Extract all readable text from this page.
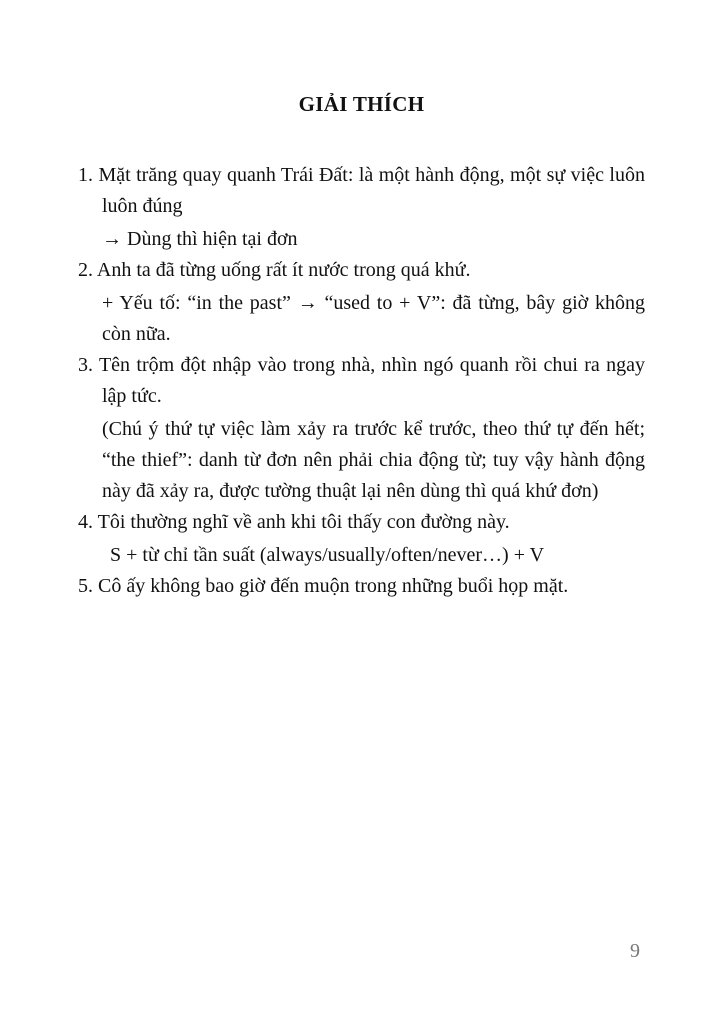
GIẢI THÍCH

1. Mặt trăng quay quanh Trái Đất: là một hành động, một sự việc luôn luôn đúng

→ Dùng thì hiện tại đơn

2. Anh ta đã từng uống rất ít nước trong quá khứ.

+ Yếu tố: “in the past” → “used to + V”: đã từng, bây giờ không còn nữa.

3. Tên trộm đột nhập vào trong nhà, nhìn ngó quanh rồi chui ra ngay lập tức.

(Chú ý thứ tự việc làm xảy ra trước kể trước, theo thứ tự đến hết; “the thief”: danh từ đơn nên phải chia động từ; tuy vậy hành động này đã xảy ra, được tường thuật lại nên dùng thì quá khứ đơn)

4. Tôi thường nghĩ về anh khi tôi thấy con đường này.

S + từ chỉ tần suất (always/usually/often/never…) + V

5. Cô ấy không bao giờ đến muộn trong những buổi họp mặt.

9
